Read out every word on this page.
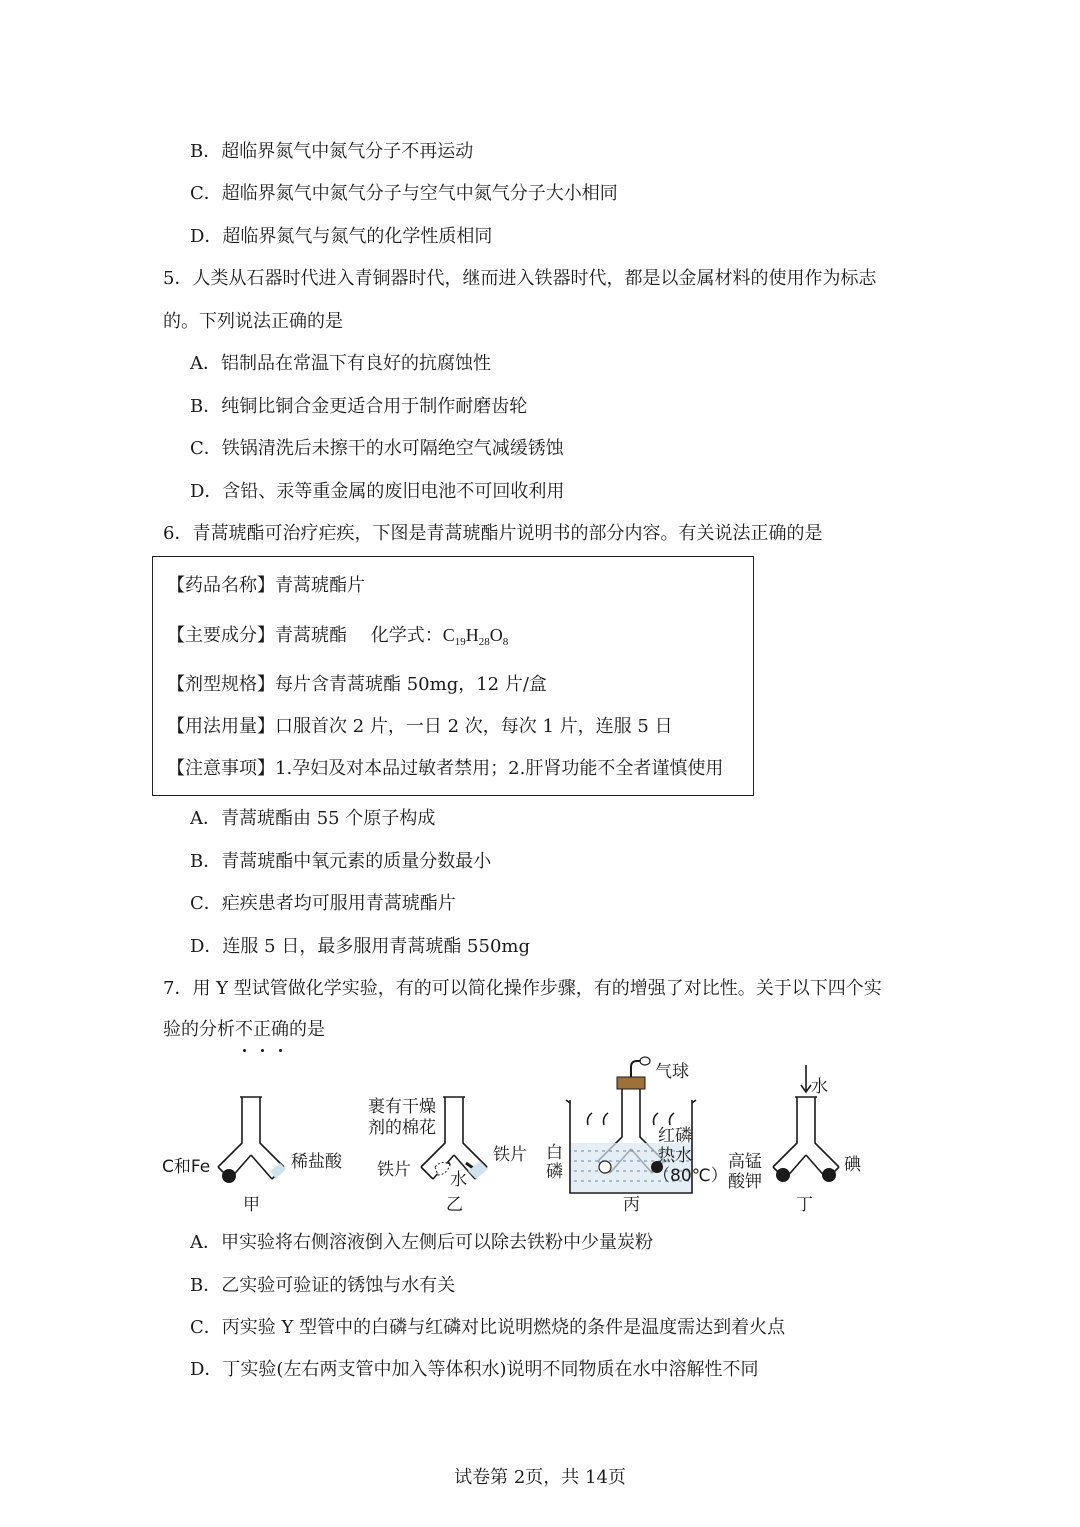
B．超临界氮气中氮气分子不再运动
C．超临界氮气中氮气分子与空气中氮气分子大小相同
D．超临界氮气与氮气的化学性质相同
5．人类从石器时代进入青铜器时代，继而进入铁器时代，都是以金属材料的使用作为标志
的。下列说法正确的是
A．铝制品在常温下有良好的抗腐蚀性
B．纯铜比铜合金更适合用于制作耐磨齿轮
C．铁锅清洗后未擦干的水可隔绝空气减缓锈蚀
D．含铅、汞等重金属的废旧电池不可回收利用
6．青蒿琥酯可治疗疟疾，下图是青蒿琥酯片说明书的部分内容。有关说法正确的是
【药品名称】青蒿琥酯片
【主要成分】青蒿琥酯　 化学式：$C_{19}H_{28}O_8$
【剂型规格】每片含青蒿琥酯 50mg，12 片/盒
【用法用量】口服首次 2 片，一日 2 次，每次 1 片，连服 5 日
【注意事项】1.孕妇及对本品过敏者禁用；2.肝肾功能不全者谨慎使用
A．青蒿琥酯由 55 个原子构成
B．青蒿琥酯中氧元素的质量分数最小
C．疟疾患者均可服用青蒿琥酯片
D．连服 5 日，最多服用青蒿琥酯 550mg
7．用 Y 型试管做化学实验，有的可以简化操作步骤，有的增强了对比性。关于以下四个实
验的分析不正确的是
C和Fe	稀盐酸
甲
裹有干燥
剂的棉花
铁片
铁片
水
乙
气球
白
磷
红磷
热水
（80℃）
丙
水
高锰
酸钾
碘
丁
A．甲实验将右侧溶液倒入左侧后可以除去铁粉中少量炭粉
B．乙实验可验证的锈蚀与水有关
C．丙实验 Y 型管中的白磷与红磷对比说明燃烧的条件是温度需达到着火点
D．丁实验(左右两支管中加入等体积水)说明不同物质在水中溶解性不同
试卷第 2页，共 14页
